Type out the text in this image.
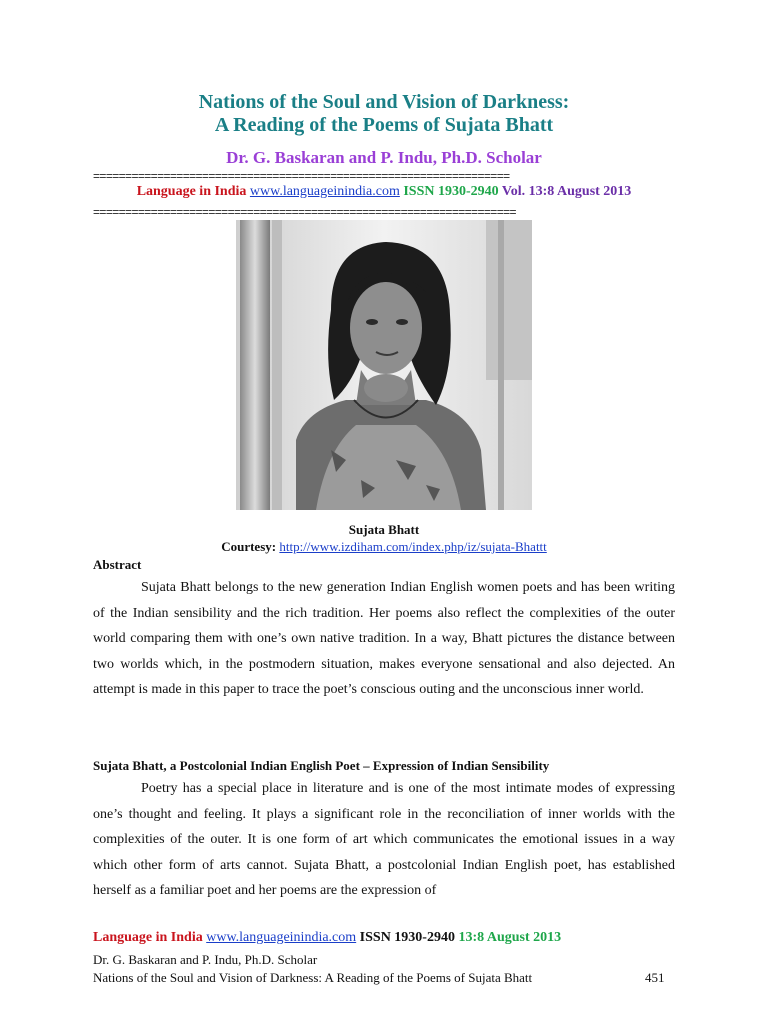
Nations of the Soul and Vision of Darkness:
A Reading of the Poems of Sujata Bhatt
Dr. G. Baskaran and P. Indu, Ph.D. Scholar
=================================================================
Language in India www.languageinindia.com ISSN 1930-2940 Vol. 13:8 August 2013
==================================================================
Sujata Bhatt
Courtesy: http://www.izdiham.com/index.php/iz/sujata-Bhattt
Abstract

Sujata Bhatt belongs to the new generation Indian English women poets and has been writing of the Indian sensibility and the rich tradition. Her poems also reflect the complexities of the outer world comparing them with one’s own native tradition. In a way, Bhatt pictures the distance between two worlds which, in the postmodern situation, makes everyone sensational and also dejected. An attempt is made in this paper to trace the poet’s conscious outing and the unconscious inner world.

Sujata Bhatt, a Postcolonial Indian English Poet – Expression of Indian Sensibility

Poetry has a special place in literature and is one of the most intimate modes of expressing one’s thought and feeling. It plays a significant role in the reconciliation of inner worlds with the complexities of the outer. It is one form of art which communicates the emotional issues in a way which other form of arts cannot. Sujata Bhatt, a postcolonial Indian English poet, has established herself as a familiar poet and her poems are the expression of

Language in India www.languageinindia.com ISSN 1930-2940 13:8 August 2013
Dr. G. Baskaran and P. Indu, Ph.D. Scholar
Nations of the Soul and Vision of Darkness: A Reading of the Poems of Sujata Bhatt	451
